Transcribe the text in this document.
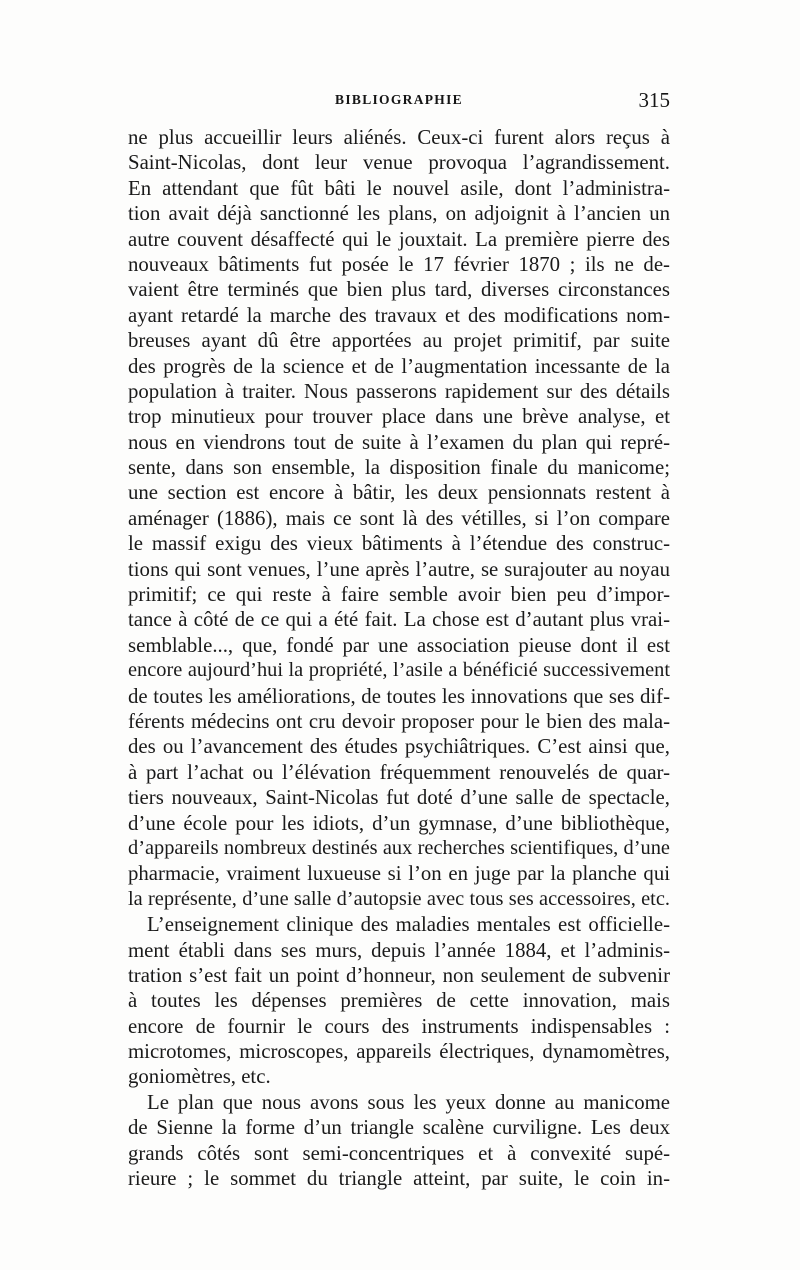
BIBLIOGRAPHIE	315
ne plus accueillir leurs aliénés. Ceux-ci furent alors reçus à
Saint-Nicolas, dont leur venue provoqua l’agrandissement.
En attendant que fût bâti le nouvel asile, dont l’administra-
tion avait déjà sanctionné les plans, on adjoignit à l’ancien un
autre couvent désaffecté qui le jouxtait. La première pierre des
nouveaux bâtiments fut posée le 17 février 1870 ; ils ne de-
vaient être terminés que bien plus tard, diverses circonstances
ayant retardé la marche des travaux et des modifications nom-
breuses ayant dû être apportées au projet primitif, par suite
des progrès de la science et de l’augmentation incessante de la
population à traiter. Nous passerons rapidement sur des détails
trop minutieux pour trouver place dans une brève analyse, et
nous en viendrons tout de suite à l’examen du plan qui repré-
sente, dans son ensemble, la disposition finale du manicome;
une section est encore à bâtir, les deux pensionnats restent à
aménager (1886), mais ce sont là des vétilles, si l’on compare
le massif exigu des vieux bâtiments à l’étendue des construc-
tions qui sont venues, l’une après l’autre, se surajouter au noyau
primitif; ce qui reste à faire semble avoir bien peu d’impor-
tance à côté de ce qui a été fait. La chose est d’autant plus vrai-
semblable..., que, fondé par une association pieuse dont il est
encore aujourd’hui la propriété, l’asile a bénéficié successivement
de toutes les améliorations, de toutes les innovations que ses dif-
férents médecins ont cru devoir proposer pour le bien des mala-
des ou l’avancement des études psychiâtriques. C’est ainsi que,
à part l’achat ou l’élévation fréquemment renouvelés de quar-
tiers nouveaux, Saint-Nicolas fut doté d’une salle de spectacle,
d’une école pour les idiots, d’un gymnase, d’une bibliothèque,
d’appareils nombreux destinés aux recherches scientifiques, d’une
pharmacie, vraiment luxueuse si l’on en juge par la planche qui
la représente, d’une salle d’autopsie avec tous ses accessoires, etc.
L’enseignement clinique des maladies mentales est officielle-
ment établi dans ses murs, depuis l’année 1884, et l’adminis-
tration s’est fait un point d’honneur, non seulement de subvenir
à toutes les dépenses premières de cette innovation, mais
encore de fournir le cours des instruments indispensables :
microtomes, microscopes, appareils électriques, dynamomètres,
goniomètres, etc.
Le plan que nous avons sous les yeux donne au manicome
de Sienne la forme d’un triangle scalène curviligne. Les deux
grands côtés sont semi-concentriques et à convexité supé-
rieure ; le sommet du triangle atteint, par suite, le coin in-
